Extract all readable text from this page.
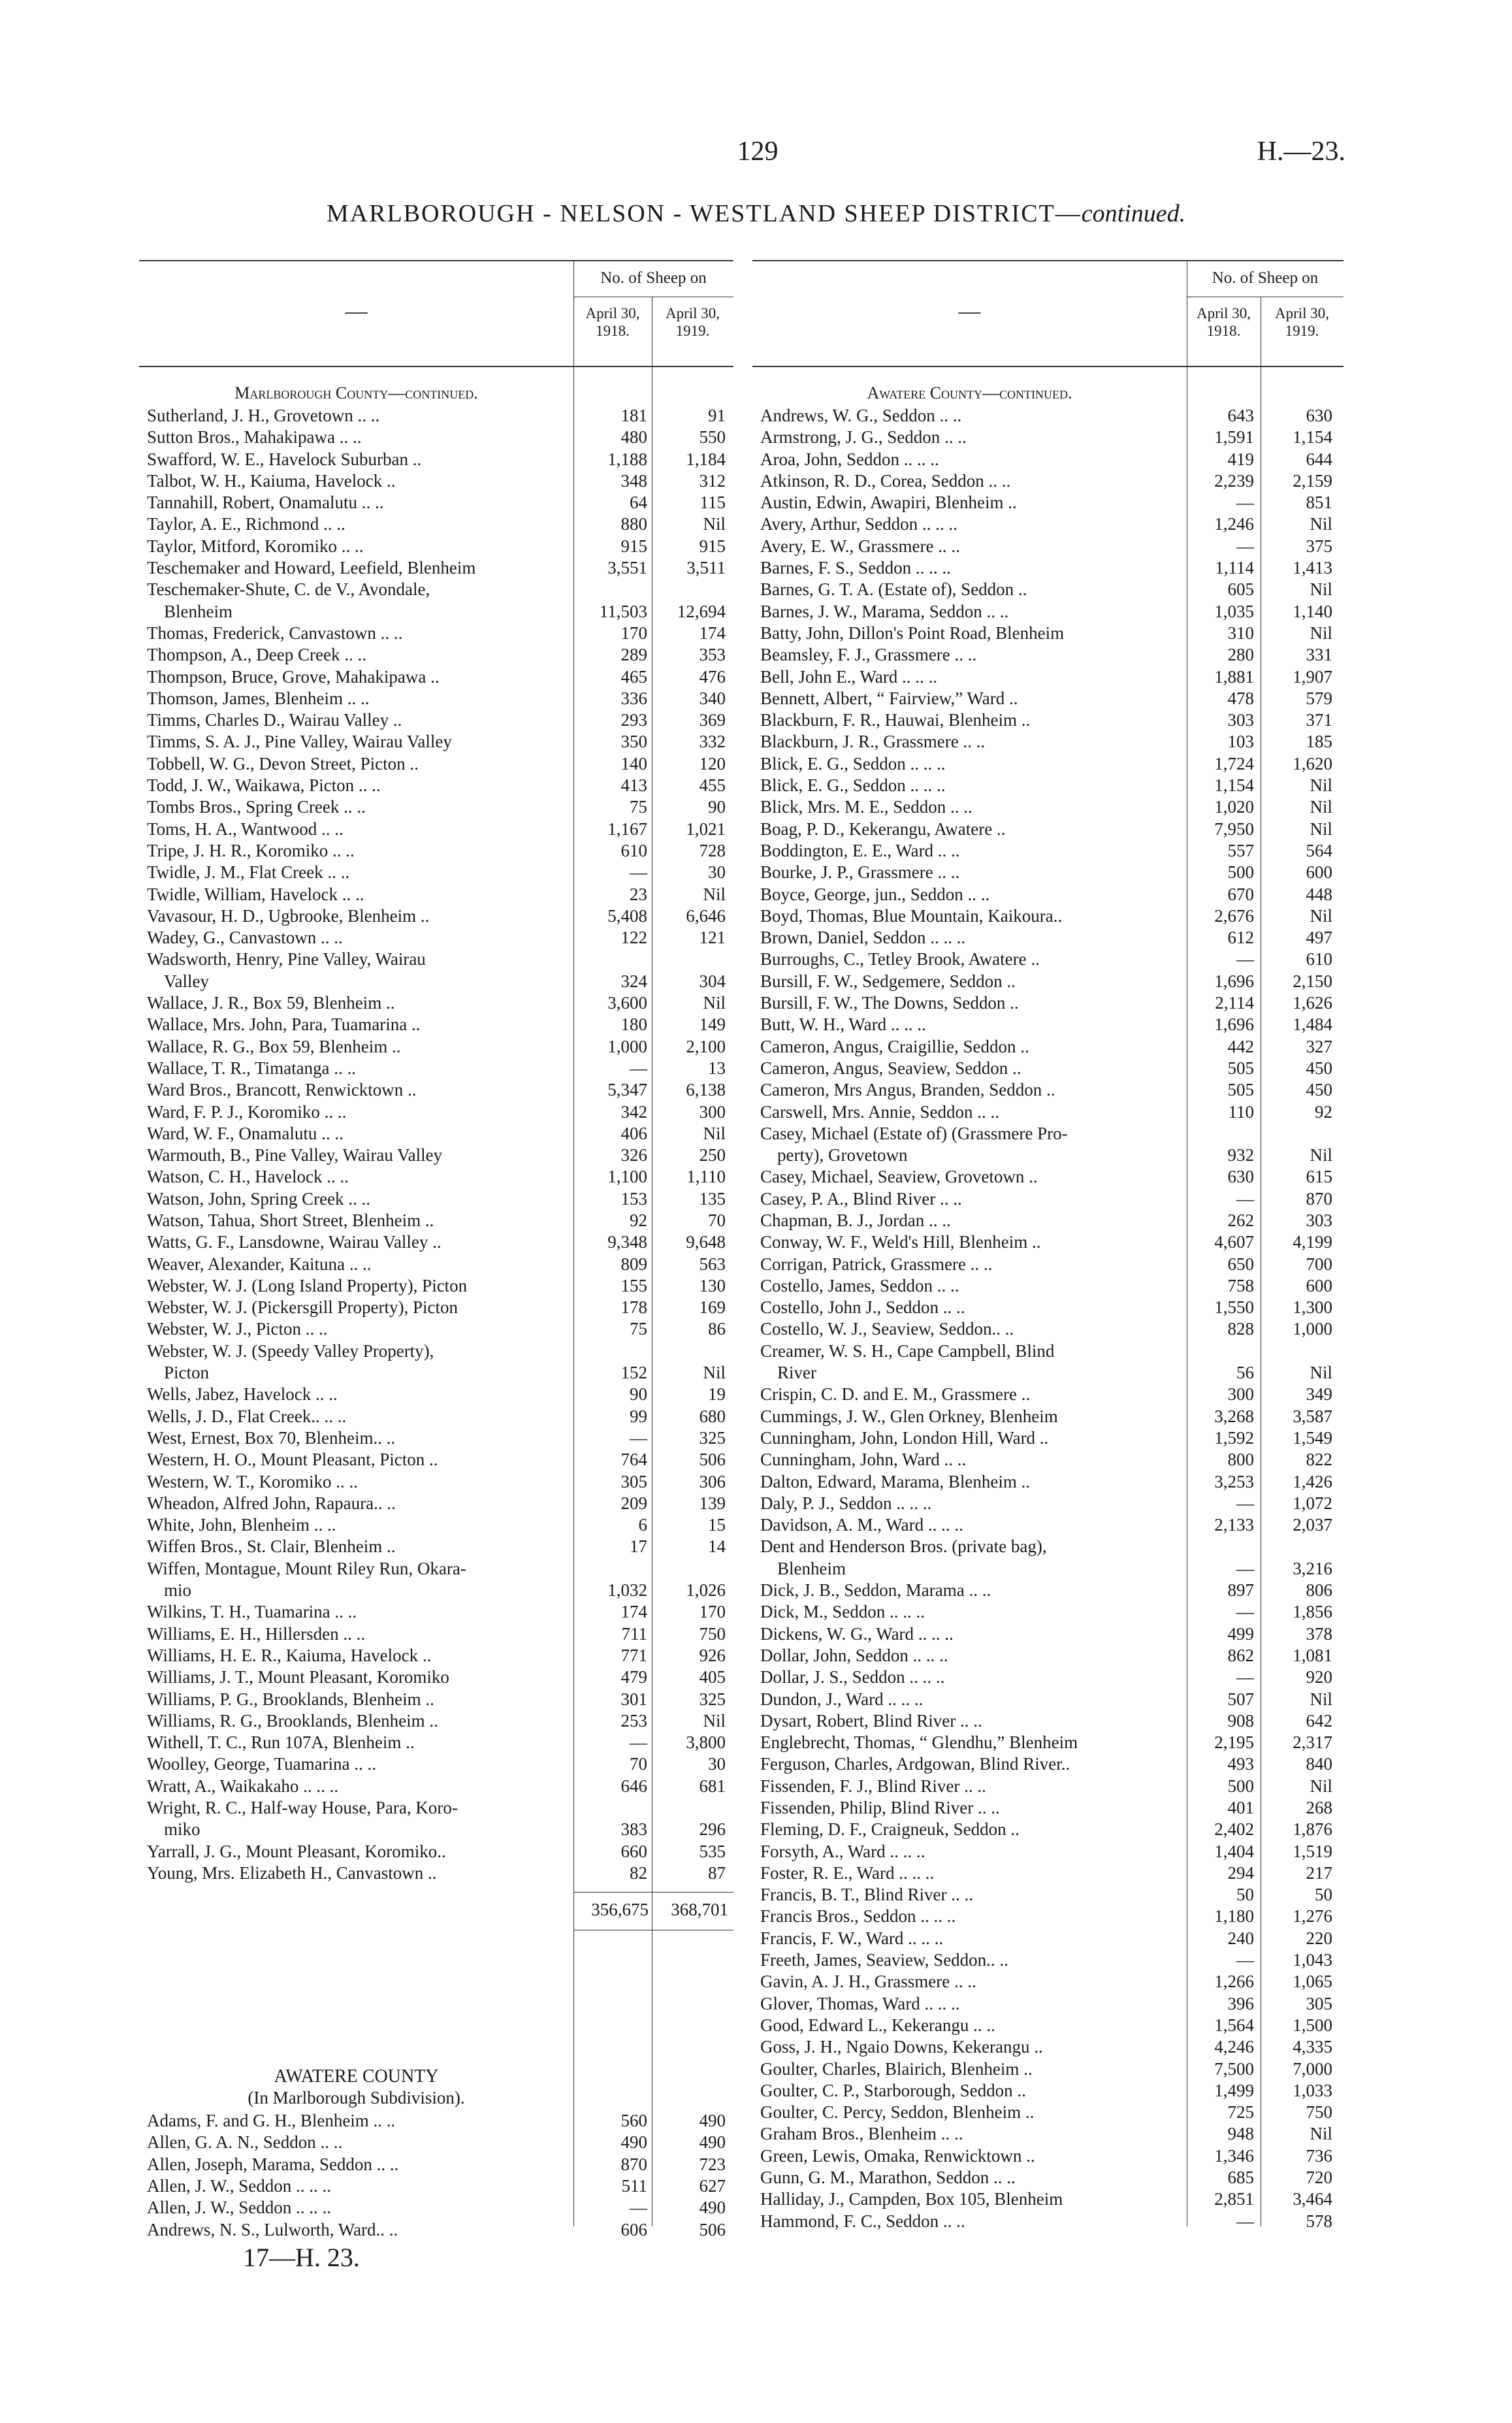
129	H.—23.
MARLBOROUGH - NELSON - WESTLAND SHEEP DISTRICT—continued.
—
No. of Sheep on
April 30,
1918.
April 30,
1919.
Marlborough County—continued.
Sutherland, J. H., Grovetown .. ..	181	91
Sutton Bros., Mahakipawa .. ..	480	550
Swafford, W. E., Havelock Suburban ..	1,188	1,184
Talbot, W. H., Kaiuma, Havelock ..	348	312
Tannahill, Robert, Onamalutu .. ..	64	115
Taylor, A. E., Richmond .. ..	880	Nil
Taylor, Mitford, Koromiko .. ..	915	915
Teschemaker and Howard, Leefield, Blenheim	3,551	3,511
Teschemaker-Shute, C. de V., Avondale,
Blenheim	11,503	12,694
Thomas, Frederick, Canvastown .. ..	170	174
Thompson, A., Deep Creek .. ..	289	353
Thompson, Bruce, Grove, Mahakipawa ..	465	476
Thomson, James, Blenheim .. ..	336	340
Timms, Charles D., Wairau Valley ..	293	369
Timms, S. A. J., Pine Valley, Wairau Valley	350	332
Tobbell, W. G., Devon Street, Picton ..	140	120
Todd, J. W., Waikawa, Picton .. ..	413	455
Tombs Bros., Spring Creek .. ..	75	90
Toms, H. A., Wantwood .. ..	1,167	1,021
Tripe, J. H. R., Koromiko .. ..	610	728
Twidle, J. M., Flat Creek .. ..	—	30
Twidle, William, Havelock .. ..	23	Nil
Vavasour, H. D., Ugbrooke, Blenheim ..	5,408	6,646
Wadey, G., Canvastown .. ..	122	121
Wadsworth, Henry, Pine Valley, Wairau
Valley	324	304
Wallace, J. R., Box 59, Blenheim ..	3,600	Nil
Wallace, Mrs. John, Para, Tuamarina ..	180	149
Wallace, R. G., Box 59, Blenheim ..	1,000	2,100
Wallace, T. R., Timatanga .. ..	—	13
Ward Bros., Brancott, Renwicktown ..	5,347	6,138
Ward, F. P. J., Koromiko .. ..	342	300
Ward, W. F., Onamalutu .. ..	406	Nil
Warmouth, B., Pine Valley, Wairau Valley	326	250
Watson, C. H., Havelock .. ..	1,100	1,110
Watson, John, Spring Creek .. ..	153	135
Watson, Tahua, Short Street, Blenheim ..	92	70
Watts, G. F., Lansdowne, Wairau Valley ..	9,348	9,648
Weaver, Alexander, Kaituna .. ..	809	563
Webster, W. J. (Long Island Property), Picton	155	130
Webster, W. J. (Pickersgill Property), Picton	178	169
Webster, W. J., Picton .. ..	75	86
Webster, W. J. (Speedy Valley Property),
Picton	152	Nil
Wells, Jabez, Havelock .. ..	90	19
Wells, J. D., Flat Creek.. .. ..	99	680
West, Ernest, Box 70, Blenheim.. ..	—	325
Western, H. O., Mount Pleasant, Picton ..	764	506
Western, W. T., Koromiko .. ..	305	306
Wheadon, Alfred John, Rapaura.. ..	209	139
White, John, Blenheim .. ..	6	15
Wiffen Bros., St. Clair, Blenheim ..	17	14
Wiffen, Montague, Mount Riley Run, Okara-
mio	1,032	1,026
Wilkins, T. H., Tuamarina .. ..	174	170
Williams, E. H., Hillersden .. ..	711	750
Williams, H. E. R., Kaiuma, Havelock ..	771	926
Williams, J. T., Mount Pleasant, Koromiko	479	405
Williams, P. G., Brooklands, Blenheim ..	301	325
Williams, R. G., Brooklands, Blenheim ..	253	Nil
Withell, T. C., Run 107A, Blenheim ..	—	3,800
Woolley, George, Tuamarina .. ..	70	30
Wratt, A., Waikakaho .. .. ..	646	681
Wright, R. C., Half-way House, Para, Koro-
miko	383	296
Yarrall, J. G., Mount Pleasant, Koromiko..	660	535
Young, Mrs. Elizabeth H., Canvastown ..	82	87
356,675	368,701
AWATERE COUNTY
(In Marlborough Subdivision).
Adams, F. and G. H., Blenheim .. ..	560	490
Allen, G. A. N., Seddon .. ..	490	490
Allen, Joseph, Marama, Seddon .. ..	870	723
Allen, J. W., Seddon .. .. ..	511	627
Allen, J. W., Seddon .. .. ..	—	490
Andrews, N. S., Lulworth, Ward.. ..	606	506
—
No. of Sheep on
April 30,
1918.
April 30,
1919.
Awatere County—continued.
Andrews, W. G., Seddon .. ..	643	630
Armstrong, J. G., Seddon .. ..	1,591	1,154
Aroa, John, Seddon .. .. ..	419	644
Atkinson, R. D., Corea, Seddon .. ..	2,239	2,159
Austin, Edwin, Awapiri, Blenheim ..	—	851
Avery, Arthur, Seddon .. .. ..	1,246	Nil
Avery, E. W., Grassmere .. ..	—	375
Barnes, F. S., Seddon .. .. ..	1,114	1,413
Barnes, G. T. A. (Estate of), Seddon ..	605	Nil
Barnes, J. W., Marama, Seddon .. ..	1,035	1,140
Batty, John, Dillon's Point Road, Blenheim	310	Nil
Beamsley, F. J., Grassmere .. ..	280	331
Bell, John E., Ward .. .. ..	1,881	1,907
Bennett, Albert, “ Fairview,” Ward ..	478	579
Blackburn, F. R., Hauwai, Blenheim ..	303	371
Blackburn, J. R., Grassmere .. ..	103	185
Blick, E. G., Seddon .. .. ..	1,724	1,620
Blick, E. G., Seddon .. .. ..	1,154	Nil
Blick, Mrs. M. E., Seddon .. ..	1,020	Nil
Boag, P. D., Kekerangu, Awatere ..	7,950	Nil
Boddington, E. E., Ward .. ..	557	564
Bourke, J. P., Grassmere .. ..	500	600
Boyce, George, jun., Seddon .. ..	670	448
Boyd, Thomas, Blue Mountain, Kaikoura..	2,676	Nil
Brown, Daniel, Seddon .. .. ..	612	497
Burroughs, C., Tetley Brook, Awatere ..	—	610
Bursill, F. W., Sedgemere, Seddon ..	1,696	2,150
Bursill, F. W., The Downs, Seddon ..	2,114	1,626
Butt, W. H., Ward .. .. ..	1,696	1,484
Cameron, Angus, Craigillie, Seddon ..	442	327
Cameron, Angus, Seaview, Seddon ..	505	450
Cameron, Mrs Angus, Branden, Seddon ..	505	450
Carswell, Mrs. Annie, Seddon .. ..	110	92
Casey, Michael (Estate of) (Grassmere Pro-
perty), Grovetown	932	Nil
Casey, Michael, Seaview, Grovetown ..	630	615
Casey, P. A., Blind River .. ..	—	870
Chapman, B. J., Jordan .. ..	262	303
Conway, W. F., Weld's Hill, Blenheim ..	4,607	4,199
Corrigan, Patrick, Grassmere .. ..	650	700
Costello, James, Seddon .. ..	758	600
Costello, John J., Seddon .. ..	1,550	1,300
Costello, W. J., Seaview, Seddon.. ..	828	1,000
Creamer, W. S. H., Cape Campbell, Blind
River	56	Nil
Crispin, C. D. and E. M., Grassmere ..	300	349
Cummings, J. W., Glen Orkney, Blenheim	3,268	3,587
Cunningham, John, London Hill, Ward ..	1,592	1,549
Cunningham, John, Ward .. ..	800	822
Dalton, Edward, Marama, Blenheim ..	3,253	1,426
Daly, P. J., Seddon .. .. ..	—	1,072
Davidson, A. M., Ward .. .. ..	2,133	2,037
Dent and Henderson Bros. (private bag),
Blenheim	—	3,216
Dick, J. B., Seddon, Marama .. ..	897	806
Dick, M., Seddon .. .. ..	—	1,856
Dickens, W. G., Ward .. .. ..	499	378
Dollar, John, Seddon .. .. ..	862	1,081
Dollar, J. S., Seddon .. .. ..	—	920
Dundon, J., Ward .. .. ..	507	Nil
Dysart, Robert, Blind River .. ..	908	642
Englebrecht, Thomas, “ Glendhu,” Blenheim	2,195	2,317
Ferguson, Charles, Ardgowan, Blind River..	493	840
Fissenden, F. J., Blind River .. ..	500	Nil
Fissenden, Philip, Blind River .. ..	401	268
Fleming, D. F., Craigneuk, Seddon ..	2,402	1,876
Forsyth, A., Ward .. .. ..	1,404	1,519
Foster, R. E., Ward .. .. ..	294	217
Francis, B. T., Blind River .. ..	50	50
Francis Bros., Seddon .. .. ..	1,180	1,276
Francis, F. W., Ward .. .. ..	240	220
Freeth, James, Seaview, Seddon.. ..	—	1,043
Gavin, A. J. H., Grassmere .. ..	1,266	1,065
Glover, Thomas, Ward .. .. ..	396	305
Good, Edward L., Kekerangu .. ..	1,564	1,500
Goss, J. H., Ngaio Downs, Kekerangu ..	4,246	4,335
Goulter, Charles, Blairich, Blenheim ..	7,500	7,000
Goulter, C. P., Starborough, Seddon ..	1,499	1,033
Goulter, C. Percy, Seddon, Blenheim ..	725	750
Graham Bros., Blenheim .. ..	948	Nil
Green, Lewis, Omaka, Renwicktown ..	1,346	736
Gunn, G. M., Marathon, Seddon .. ..	685	720
Halliday, J., Campden, Box 105, Blenheim	2,851	3,464
Hammond, F. C., Seddon .. ..	—	578
17—H. 23.
